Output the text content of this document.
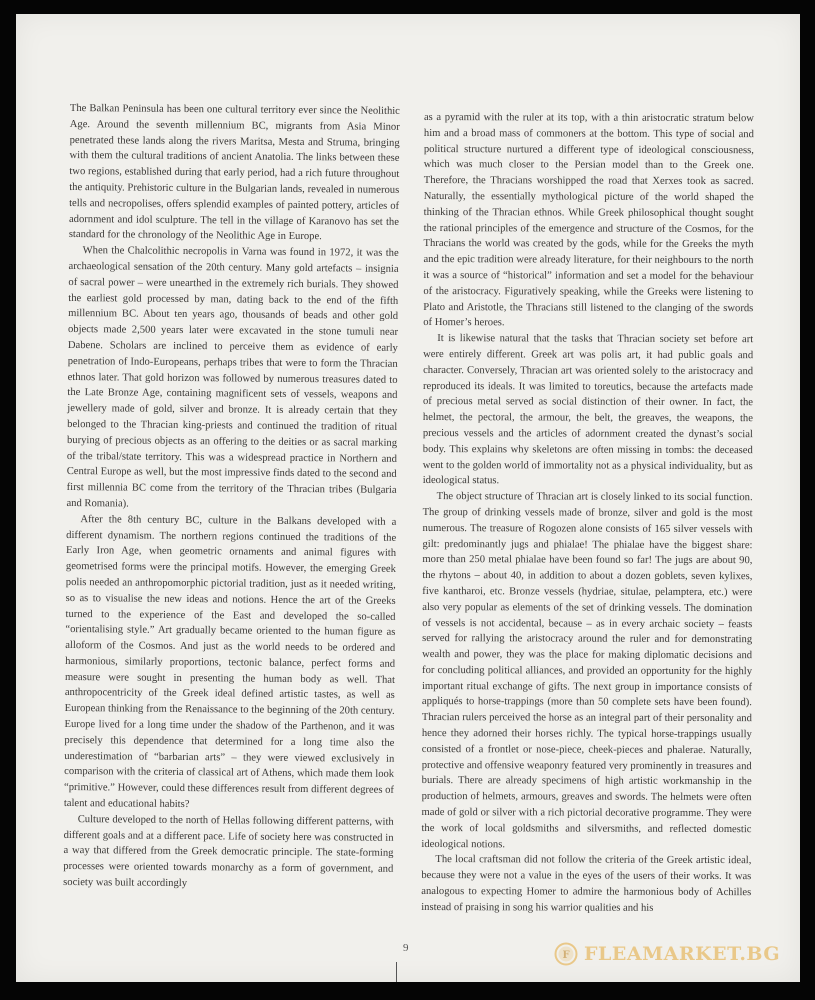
The Balkan Peninsula has been one cultural territory ever since the Neolithic Age. Around the seventh millennium BC, migrants from Asia Minor penetrated these lands along the rivers Maritsa, Mesta and Struma, bringing with them the cultural traditions of ancient Anatolia. The links between these two regions, established during that early period, had a rich future throughout the antiquity. Prehistoric culture in the Bulgarian lands, revealed in numerous tells and necropolises, offers splendid examples of painted pottery, articles of adornment and idol sculpture. The tell in the village of Karanovo has set the standard for the chronology of the Neolithic Age in Europe.

When the Chalcolithic necropolis in Varna was found in 1972, it was the archaeological sensation of the 20th century. Many gold artefacts – insignia of sacral power – were unearthed in the extremely rich burials. They showed the earliest gold processed by man, dating back to the end of the fifth millennium BC. About ten years ago, thousands of beads and other gold objects made 2,500 years later were excavated in the stone tumuli near Dabene. Scholars are inclined to perceive them as evidence of early penetration of Indo-Europeans, perhaps tribes that were to form the Thracian ethnos later. That gold horizon was followed by numerous treasures dated to the Late Bronze Age, containing magnificent sets of vessels, weapons and jewellery made of gold, silver and bronze. It is already certain that they belonged to the Thracian king-priests and continued the tradition of ritual burying of precious objects as an offering to the deities or as sacral marking of the tribal/state territory. This was a widespread practice in Northern and Central Europe as well, but the most impressive finds dated to the second and first millennia BC come from the territory of the Thracian tribes (Bulgaria and Romania).

After the 8th century BC, culture in the Balkans developed with a different dynamism. The northern regions continued the traditions of the Early Iron Age, when geometric ornaments and animal figures with geometrised forms were the principal motifs. However, the emerging Greek polis needed an anthropomorphic pictorial tradition, just as it needed writing, so as to visualise the new ideas and notions. Hence the art of the Greeks turned to the experience of the East and developed the so-called “orientalising style.” Art gradually became oriented to the human figure as alloform of the Cosmos. And just as the world needs to be ordered and harmonious, similarly proportions, tectonic balance, perfect forms and measure were sought in presenting the human body as well. That anthropocentricity of the Greek ideal defined artistic tastes, as well as European thinking from the Renaissance to the beginning of the 20th century. Europe lived for a long time under the shadow of the Parthenon, and it was precisely this dependence that determined for a long time also the underestimation of “barbarian arts” – they were viewed exclusively in comparison with the criteria of classical art of Athens, which made them look “primitive.” However, could these differences result from different degrees of talent and educational habits?

Culture developed to the north of Hellas following different patterns, with different goals and at a different pace. Life of society here was constructed in a way that differed from the Greek democratic principle. The state-forming processes were oriented towards monarchy as a form of government, and society was built accordingly

as a pyramid with the ruler at its top, with a thin aristocratic stratum below him and a broad mass of commoners at the bottom. This type of social and political structure nurtured a different type of ideological consciousness, which was much closer to the Persian model than to the Greek one. Therefore, the Thracians worshipped the road that Xerxes took as sacred. Naturally, the essentially mythological picture of the world shaped the thinking of the Thracian ethnos. While Greek philosophical thought sought the rational principles of the emergence and structure of the Cosmos, for the Thracians the world was created by the gods, while for the Greeks the myth and the epic tradition were already literature, for their neighbours to the north it was a source of “historical” information and set a model for the behaviour of the aristocracy. Figuratively speaking, while the Greeks were listening to Plato and Aristotle, the Thracians still listened to the clanging of the swords of Homer’s heroes.

It is likewise natural that the tasks that Thracian society set before art were entirely different. Greek art was polis art, it had public goals and character. Conversely, Thracian art was oriented solely to the aristocracy and reproduced its ideals. It was limited to toreutics, because the artefacts made of precious metal served as social distinction of their owner. In fact, the helmet, the pectoral, the armour, the belt, the greaves, the weapons, the precious vessels and the articles of adornment created the dynast’s social body. This explains why skeletons are often missing in tombs: the deceased went to the golden world of immortality not as a physical individuality, but as ideological status.

The object structure of Thracian art is closely linked to its social function. The group of drinking vessels made of bronze, silver and gold is the most numerous. The treasure of Rogozen alone consists of 165 silver vessels with gilt: predominantly jugs and phialae! The phialae have the biggest share: more than 250 metal phialae have been found so far! The jugs are about 90, the rhytons – about 40, in addition to about a dozen goblets, seven kylixes, five kantharoi, etc. Bronze vessels (hydriae, situlae, pelamptera, etc.) were also very popular as elements of the set of drinking vessels. The domination of vessels is not accidental, because – as in every archaic society – feasts served for rallying the aristocracy around the ruler and for demonstrating wealth and power, they was the place for making diplomatic decisions and for concluding political alliances, and provided an opportunity for the highly important ritual exchange of gifts. The next group in importance consists of appliqués to horse-trappings (more than 50 complete sets have been found). Thracian rulers perceived the horse as an integral part of their personality and hence they adorned their horses richly. The typical horse-trappings usually consisted of a frontlet or nose-piece, cheek-pieces and phalerae. Naturally, protective and offensive weaponry featured very prominently in treasures and burials. There are already specimens of high artistic workmanship in the production of helmets, armours, greaves and swords. The helmets were often made of gold or silver with a rich pictorial decorative programme. They were the work of local goldsmiths and silversmiths, and reflected domestic ideological notions.

The local craftsman did not follow the criteria of the Greek artistic ideal, because they were not a value in the eyes of the users of their works. It was analogous to expecting Homer to admire the harmonious body of Achilles instead of praising in song his warrior qualities and his

9
F FLEAMARKET.BG
